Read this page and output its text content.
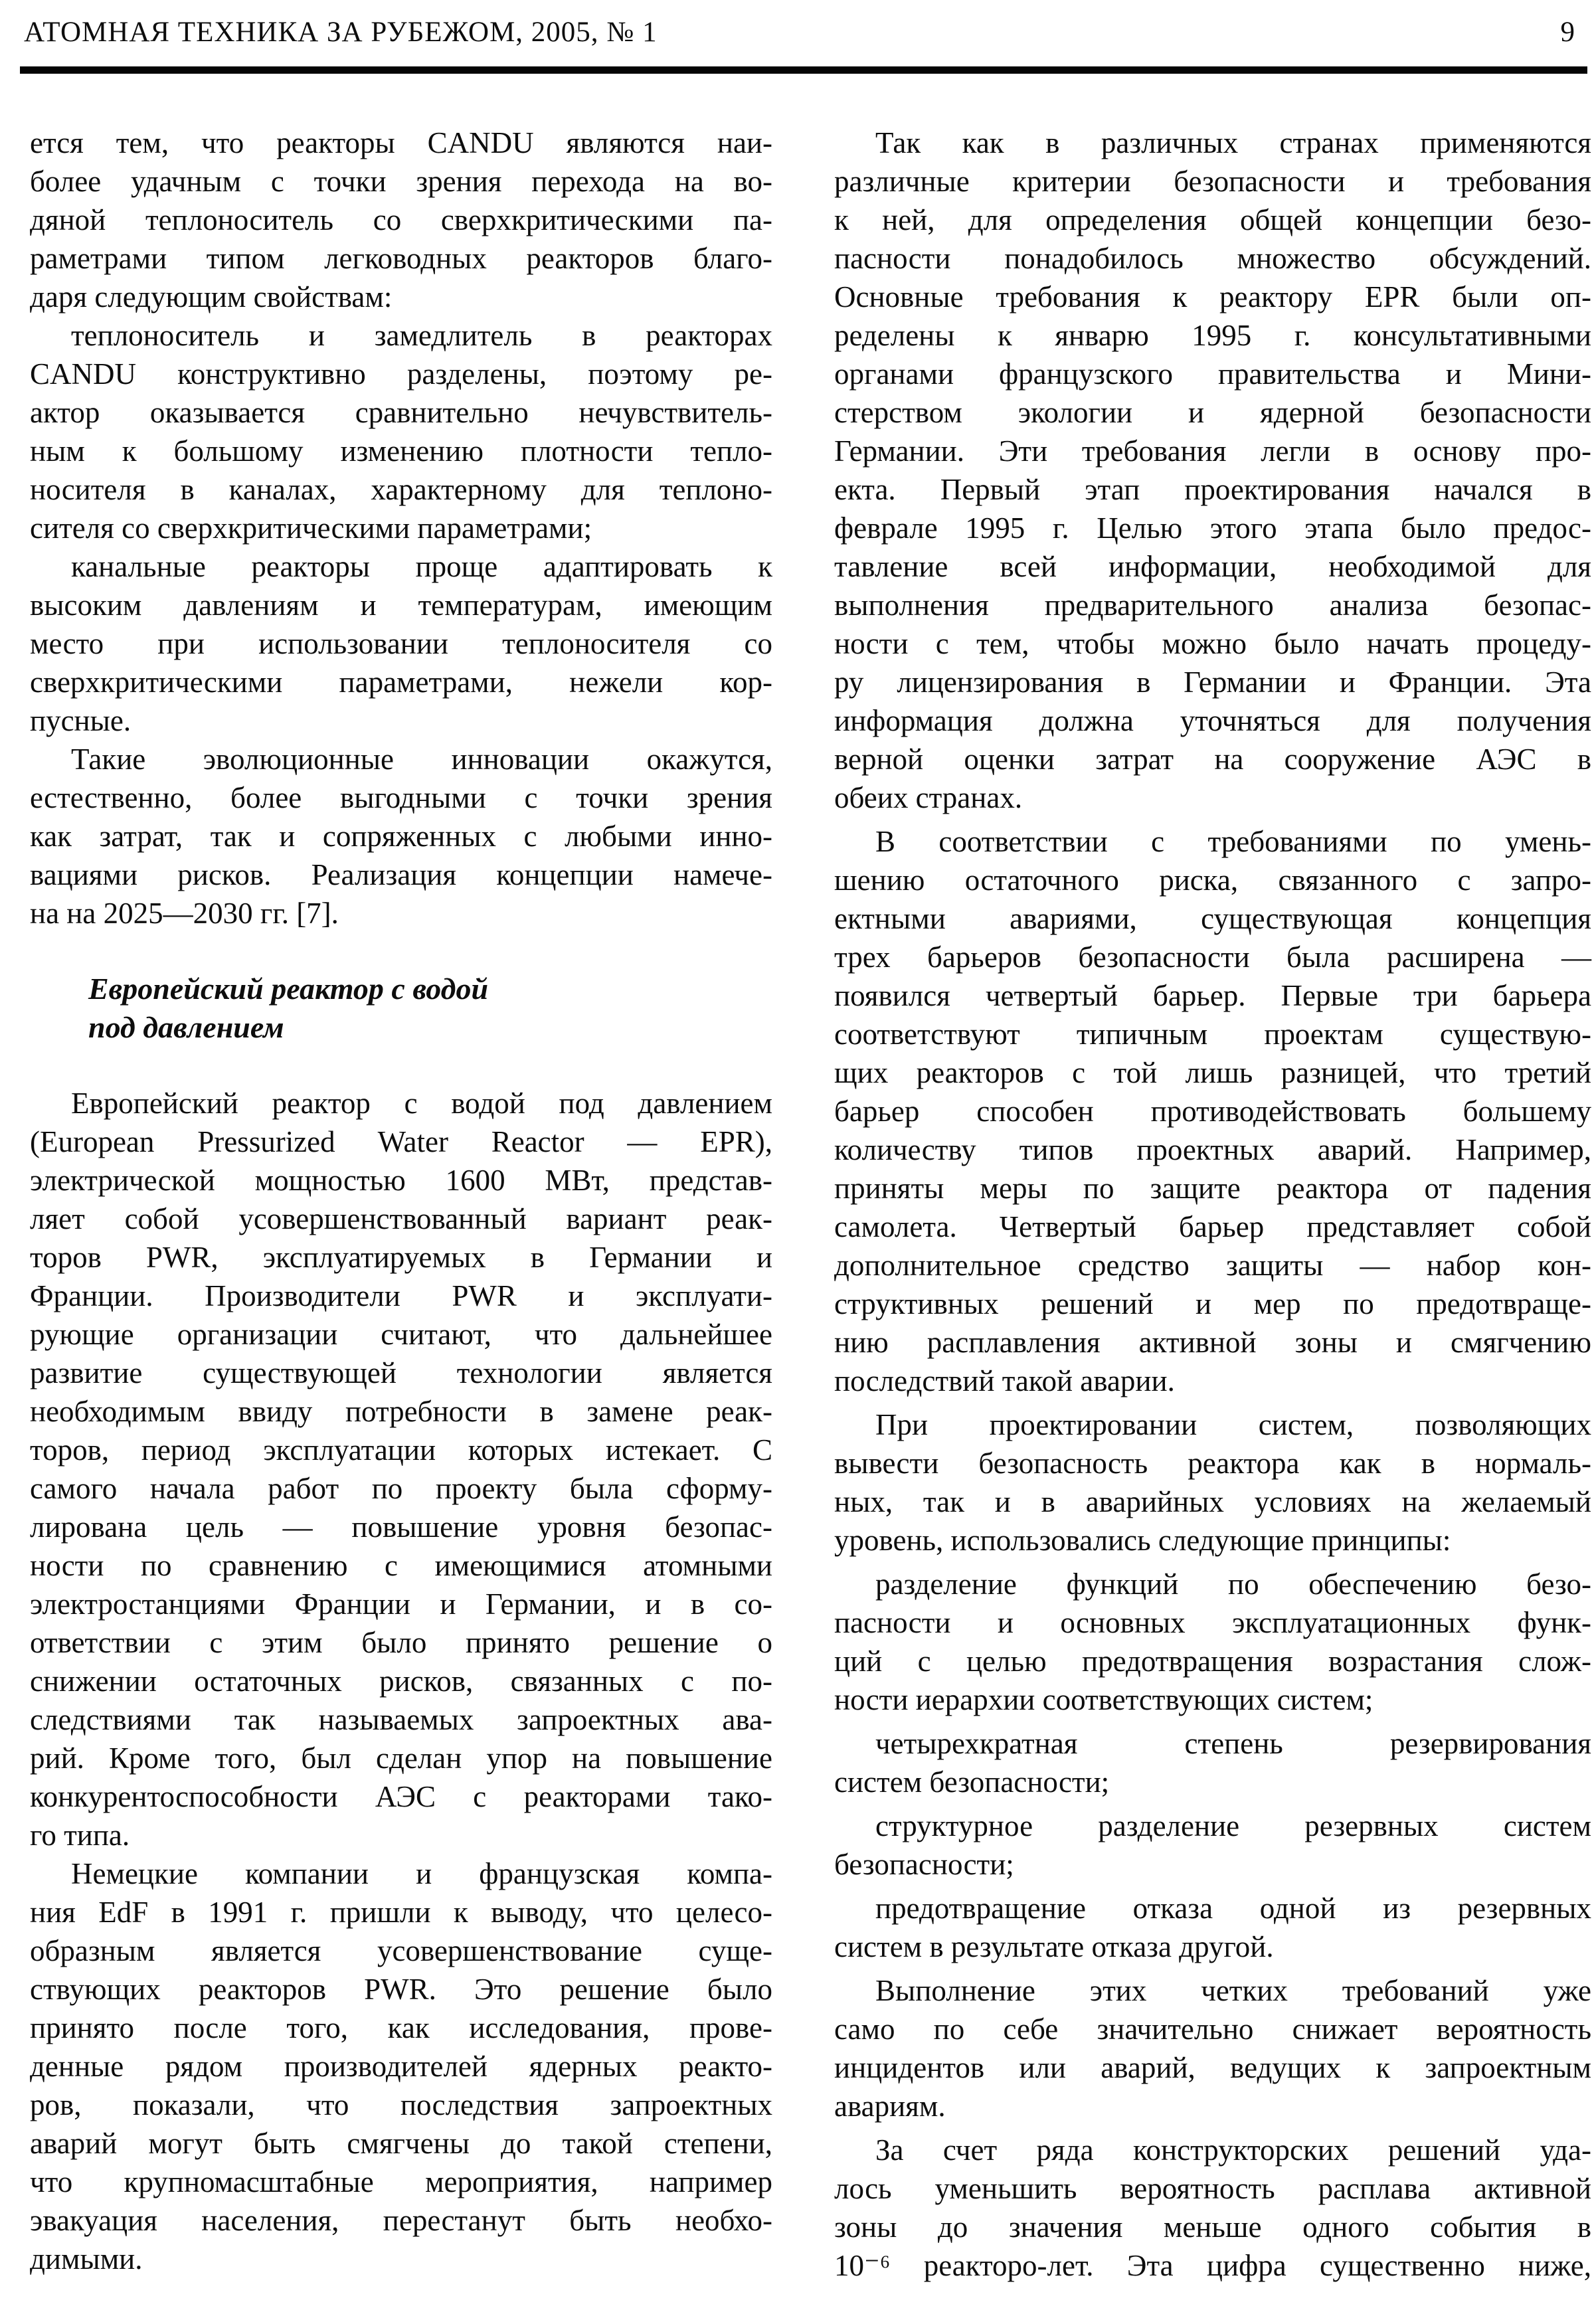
АТОМНАЯ ТЕХНИКА ЗА РУБЕЖОМ, 2005, № 1	9
ется тем, что реакторы CANDU являются наи-
более удачным с точки зрения перехода на во-
дяной теплоноситель со сверхкритическими па-
раметрами типом легководных реакторов благо-
даря следующим свойствам:
теплоноситель и замедлитель в реакторах
CANDU конструктивно разделены, поэтому ре-
актор оказывается сравнительно нечувствитель-
ным к большому изменению плотности тепло-
носителя в каналах, характерному для теплоно-
сителя со сверхкритическими параметрами;
канальные реакторы проще адаптировать к
высоким давлениям и температурам, имеющим
место при использовании теплоносителя со
сверхкритическими параметрами, нежели кор-
пусные.
Такие эволюционные инновации окажутся,
естественно, более выгодными с точки зрения
как затрат, так и сопряженных с любыми инно-
вациями рисков. Реализация концепции намече-
на на 2025—2030 гг. [7].
Европейский реактор с водой
под давлением
Европейский реактор с водой под давлением
(European Pressurized Water Reactor — EPR),
электрической мощностью 1600 МВт, представ-
ляет собой усовершенствованный вариант реак-
торов PWR, эксплуатируемых в Германии и
Франции. Производители PWR и эксплуати-
рующие организации считают, что дальнейшее
развитие существующей технологии является
необходимым ввиду потребности в замене реак-
торов, период эксплуатации которых истекает. С
самого начала работ по проекту была сформу-
лирована цель — повышение уровня безопас-
ности по сравнению с имеющимися атомными
электростанциями Франции и Германии, и в со-
ответствии с этим было принято решение о
снижении остаточных рисков, связанных с по-
следствиями так называемых запроектных ава-
рий. Кроме того, был сделан упор на повышение
конкурентоспособности АЭС с реакторами тако-
го типа.
Немецкие компании и французская компа-
ния EdF в 1991 г. пришли к выводу, что целесо-
образным является усовершенствование суще-
ствующих реакторов PWR. Это решение было
принято после того, как исследования, прове-
денные рядом производителей ядерных реакто-
ров, показали, что последствия запроектных
аварий могут быть смягчены до такой степени,
что крупномасштабные мероприятия, например
эвакуация населения, перестанут быть необхо-
димыми.
Так как в различных странах применяются
различные критерии безопасности и требования
к ней, для определения общей концепции безо-
пасности понадобилось множество обсуждений.
Основные требования к реактору EPR были оп-
ределены к январю 1995 г. консультативными
органами французского правительства и Мини-
стерством экологии и ядерной безопасности
Германии. Эти требования легли в основу про-
екта. Первый этап проектирования начался в
феврале 1995 г. Целью этого этапа было предос-
тавление всей информации, необходимой для
выполнения предварительного анализа безопас-
ности с тем, чтобы можно было начать процеду-
ру лицензирования в Германии и Франции. Эта
информация должна уточняться для получения
верной оценки затрат на сооружение АЭС в
обеих странах.
В соответствии с требованиями по умень-
шению остаточного риска, связанного с запро-
ектными авариями, существующая концепция
трех барьеров безопасности была расширена —
появился четвертый барьер. Первые три барьера
соответствуют типичным проектам существую-
щих реакторов с той лишь разницей, что третий
барьер способен противодействовать большему
количеству типов проектных аварий. Например,
приняты меры по защите реактора от падения
самолета. Четвертый барьер представляет собой
дополнительное средство защиты — набор кон-
структивных решений и мер по предотвраще-
нию расплавления активной зоны и смягчению
последствий такой аварии.
При проектировании систем, позволяющих
вывести безопасность реактора как в нормаль-
ных, так и в аварийных условиях на желаемый
уровень, использовались следующие принципы:
разделение функций по обеспечению безо-
пасности и основных эксплуатационных функ-
ций с целью предотвращения возрастания слож-
ности иерархии соответствующих систем;
четырехкратная степень резервирования
систем безопасности;
структурное разделение резервных систем
безопасности;
предотвращение отказа одной из резервных
систем в результате отказа другой.
Выполнение этих четких требований уже
само по себе значительно снижает вероятность
инцидентов или аварий, ведущих к запроектным
авариям.
За счет ряда конструкторских решений уда-
лось уменьшить вероятность расплава активной
зоны до значения меньше одного события в
10⁻⁶ реакторо-лет. Эта цифра существенно ниже,
